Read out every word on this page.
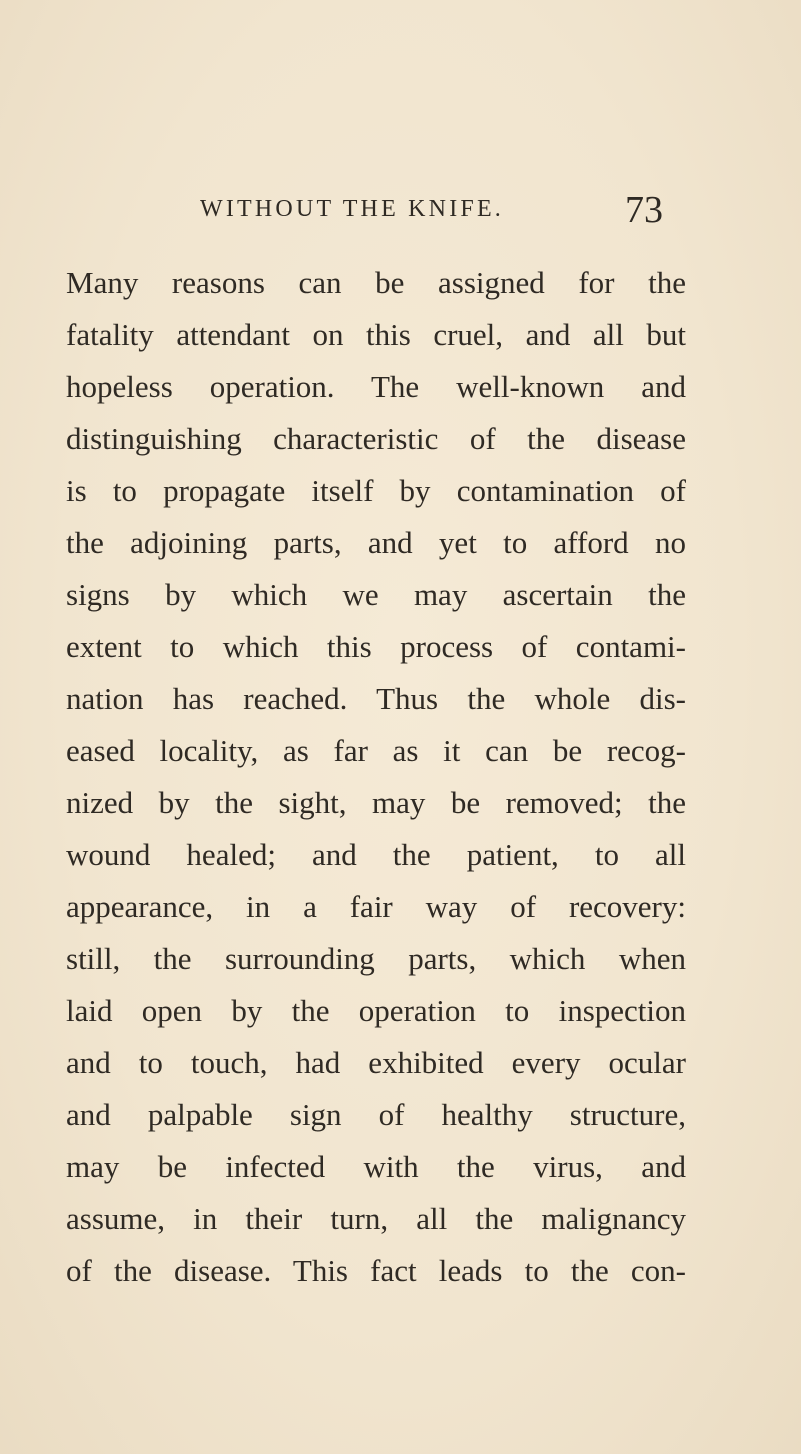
WITHOUT THE KNIFE.	73
Many reasons can be assigned for the
fatality attendant on this cruel, and all but
hopeless operation. The well-known and
distinguishing characteristic of the disease
is to propagate itself by contamination of
the adjoining parts, and yet to afford no
signs by which we may ascertain the
extent to which this process of contami-
nation has reached. Thus the whole dis-
eased locality, as far as it can be recog-
nized by the sight, may be removed; the
wound healed; and the patient, to all
appearance, in a fair way of recovery:
still, the surrounding parts, which when
laid open by the operation to inspection
and to touch, had exhibited every ocular
and palpable sign of healthy structure,
may be infected with the virus, and
assume, in their turn, all the malignancy
of the disease. This fact leads to the con-
